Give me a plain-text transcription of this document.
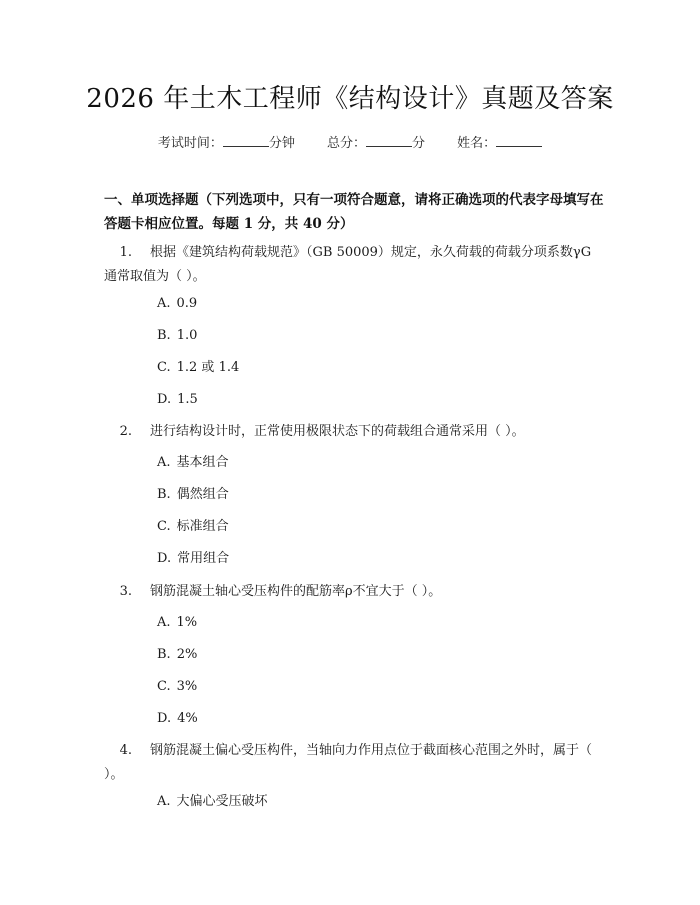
2026 年土木工程师《结构设计》真题及答案
考试时间：	分钟 总分：	分 姓名：
一、单项选择题（下列选项中，只有一项符合题意，请将正确选项的代表字母填写在答题卡相应位置。每题 1 分，共 40 分）
1. 根据《建筑结构荷载规范》（GB 50009）规定，永久荷载的荷载分项系数γG 通常取值为（ ）。
A. 0.9
B. 1.0
C. 1.2 或 1.4
D. 1.5
2. 进行结构设计时，正常使用极限状态下的荷载组合通常采用（ ）。
A. 基本组合
B. 偶然组合
C. 标准组合
D. 常用组合
3. 钢筋混凝土轴心受压构件的配筋率ρ不宜大于（ ）。
A. 1%
B. 2%
C. 3%
D. 4%
4. 钢筋混凝土偏心受压构件，当轴向力作用点位于截面核心范围之外时，属于（ ）。
A. 大偏心受压破坏
